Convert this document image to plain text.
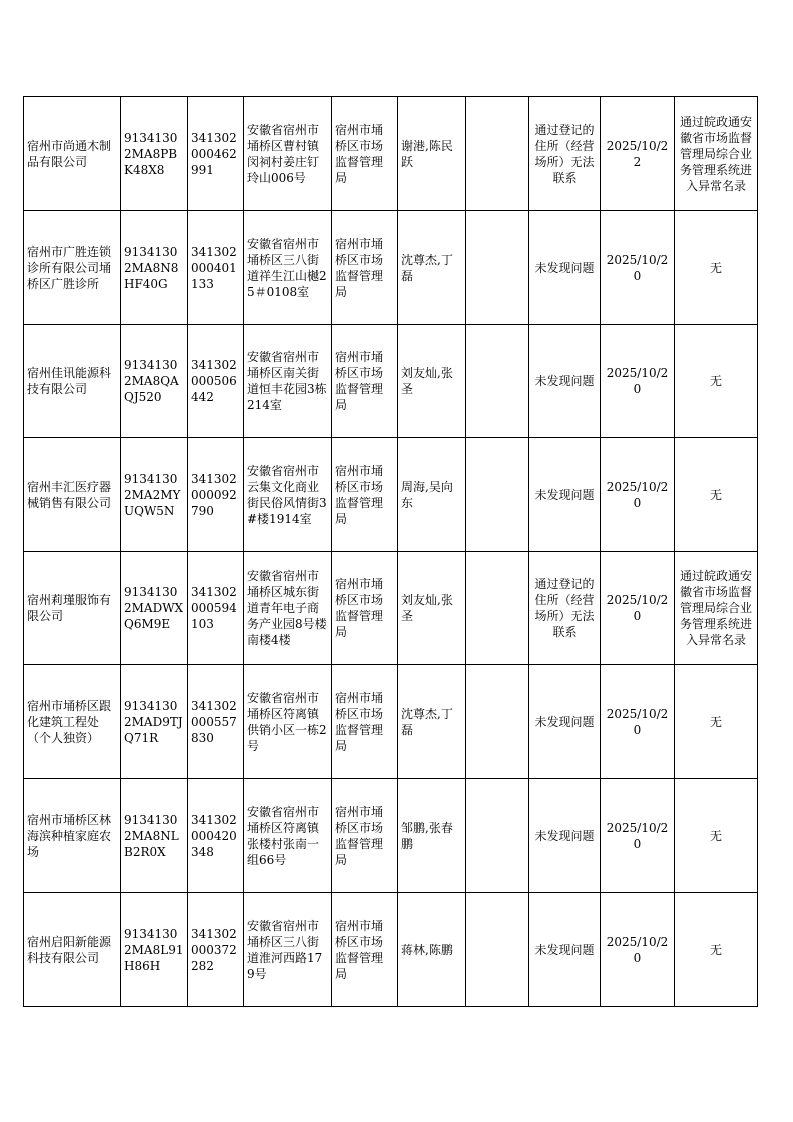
宿州市尚通木制品有限公司	91341302MA8PBK48X8	341302000462991	安徽省宿州市埇桥区曹村镇闵祠村姜庄钉玲山006号	宿州市埇桥区市场监督管理局	谢港,陈民跃		通过登记的住所（经营场所）无法联系	2025/10/22	通过皖政通安徽省市场监督管理局综合业务管理系统进入异常名录
宿州市广胜连锁诊所有限公司埇桥区广胜诊所	91341302MA8N8HF40G	341302000401133	安徽省宿州市埇桥区三八街道祥生江山樾25＃0108室	宿州市埇桥区市场监督管理局	沈尊杰,丁磊		未发现问题	2025/10/20	无
宿州佳讯能源科技有限公司	91341302MA8QAQJ520	341302000506442	安徽省宿州市埇桥区南关街道恒丰花园3栋214室	宿州市埇桥区市场监督管理局	刘友灿,张圣		未发现问题	2025/10/20	无
宿州丰汇医疗器械销售有限公司	91341302MA2MYUQW5N	341302000092790	安徽省宿州市云集文化商业街民俗风情街3#楼1914室	宿州市埇桥区市场监督管理局	周海,吴向东		未发现问题	2025/10/20	无
宿州莉瑾服饰有限公司	91341302MADWXQ6M9E	341302000594103	安徽省宿州市埇桥区城东街道青年电子商务产业园8号楼南楼4楼	宿州市埇桥区市场监督管理局	刘友灿,张圣		通过登记的住所（经营场所）无法联系	2025/10/20	通过皖政通安徽省市场监督管理局综合业务管理系统进入异常名录
宿州市埇桥区跟化建筑工程处（个人独资）	91341302MAD9TJQ71R	341302000557830	安徽省宿州市埇桥区符离镇供销小区一栋2号	宿州市埇桥区市场监督管理局	沈尊杰,丁磊		未发现问题	2025/10/20	无
宿州市埇桥区林海滨种植家庭农场	91341302MA8NLB2R0X	341302000420348	安徽省宿州市埇桥区符离镇张楼村张南一组66号	宿州市埇桥区市场监督管理局	邹鹏,张春鹏		未发现问题	2025/10/20	无
宿州启阳新能源科技有限公司	91341302MA8L91H86H	341302000372282	安徽省宿州市埇桥区三八街道淮河西路179号	宿州市埇桥区市场监督管理局	蒋林,陈鹏		未发现问题	2025/10/20	无
